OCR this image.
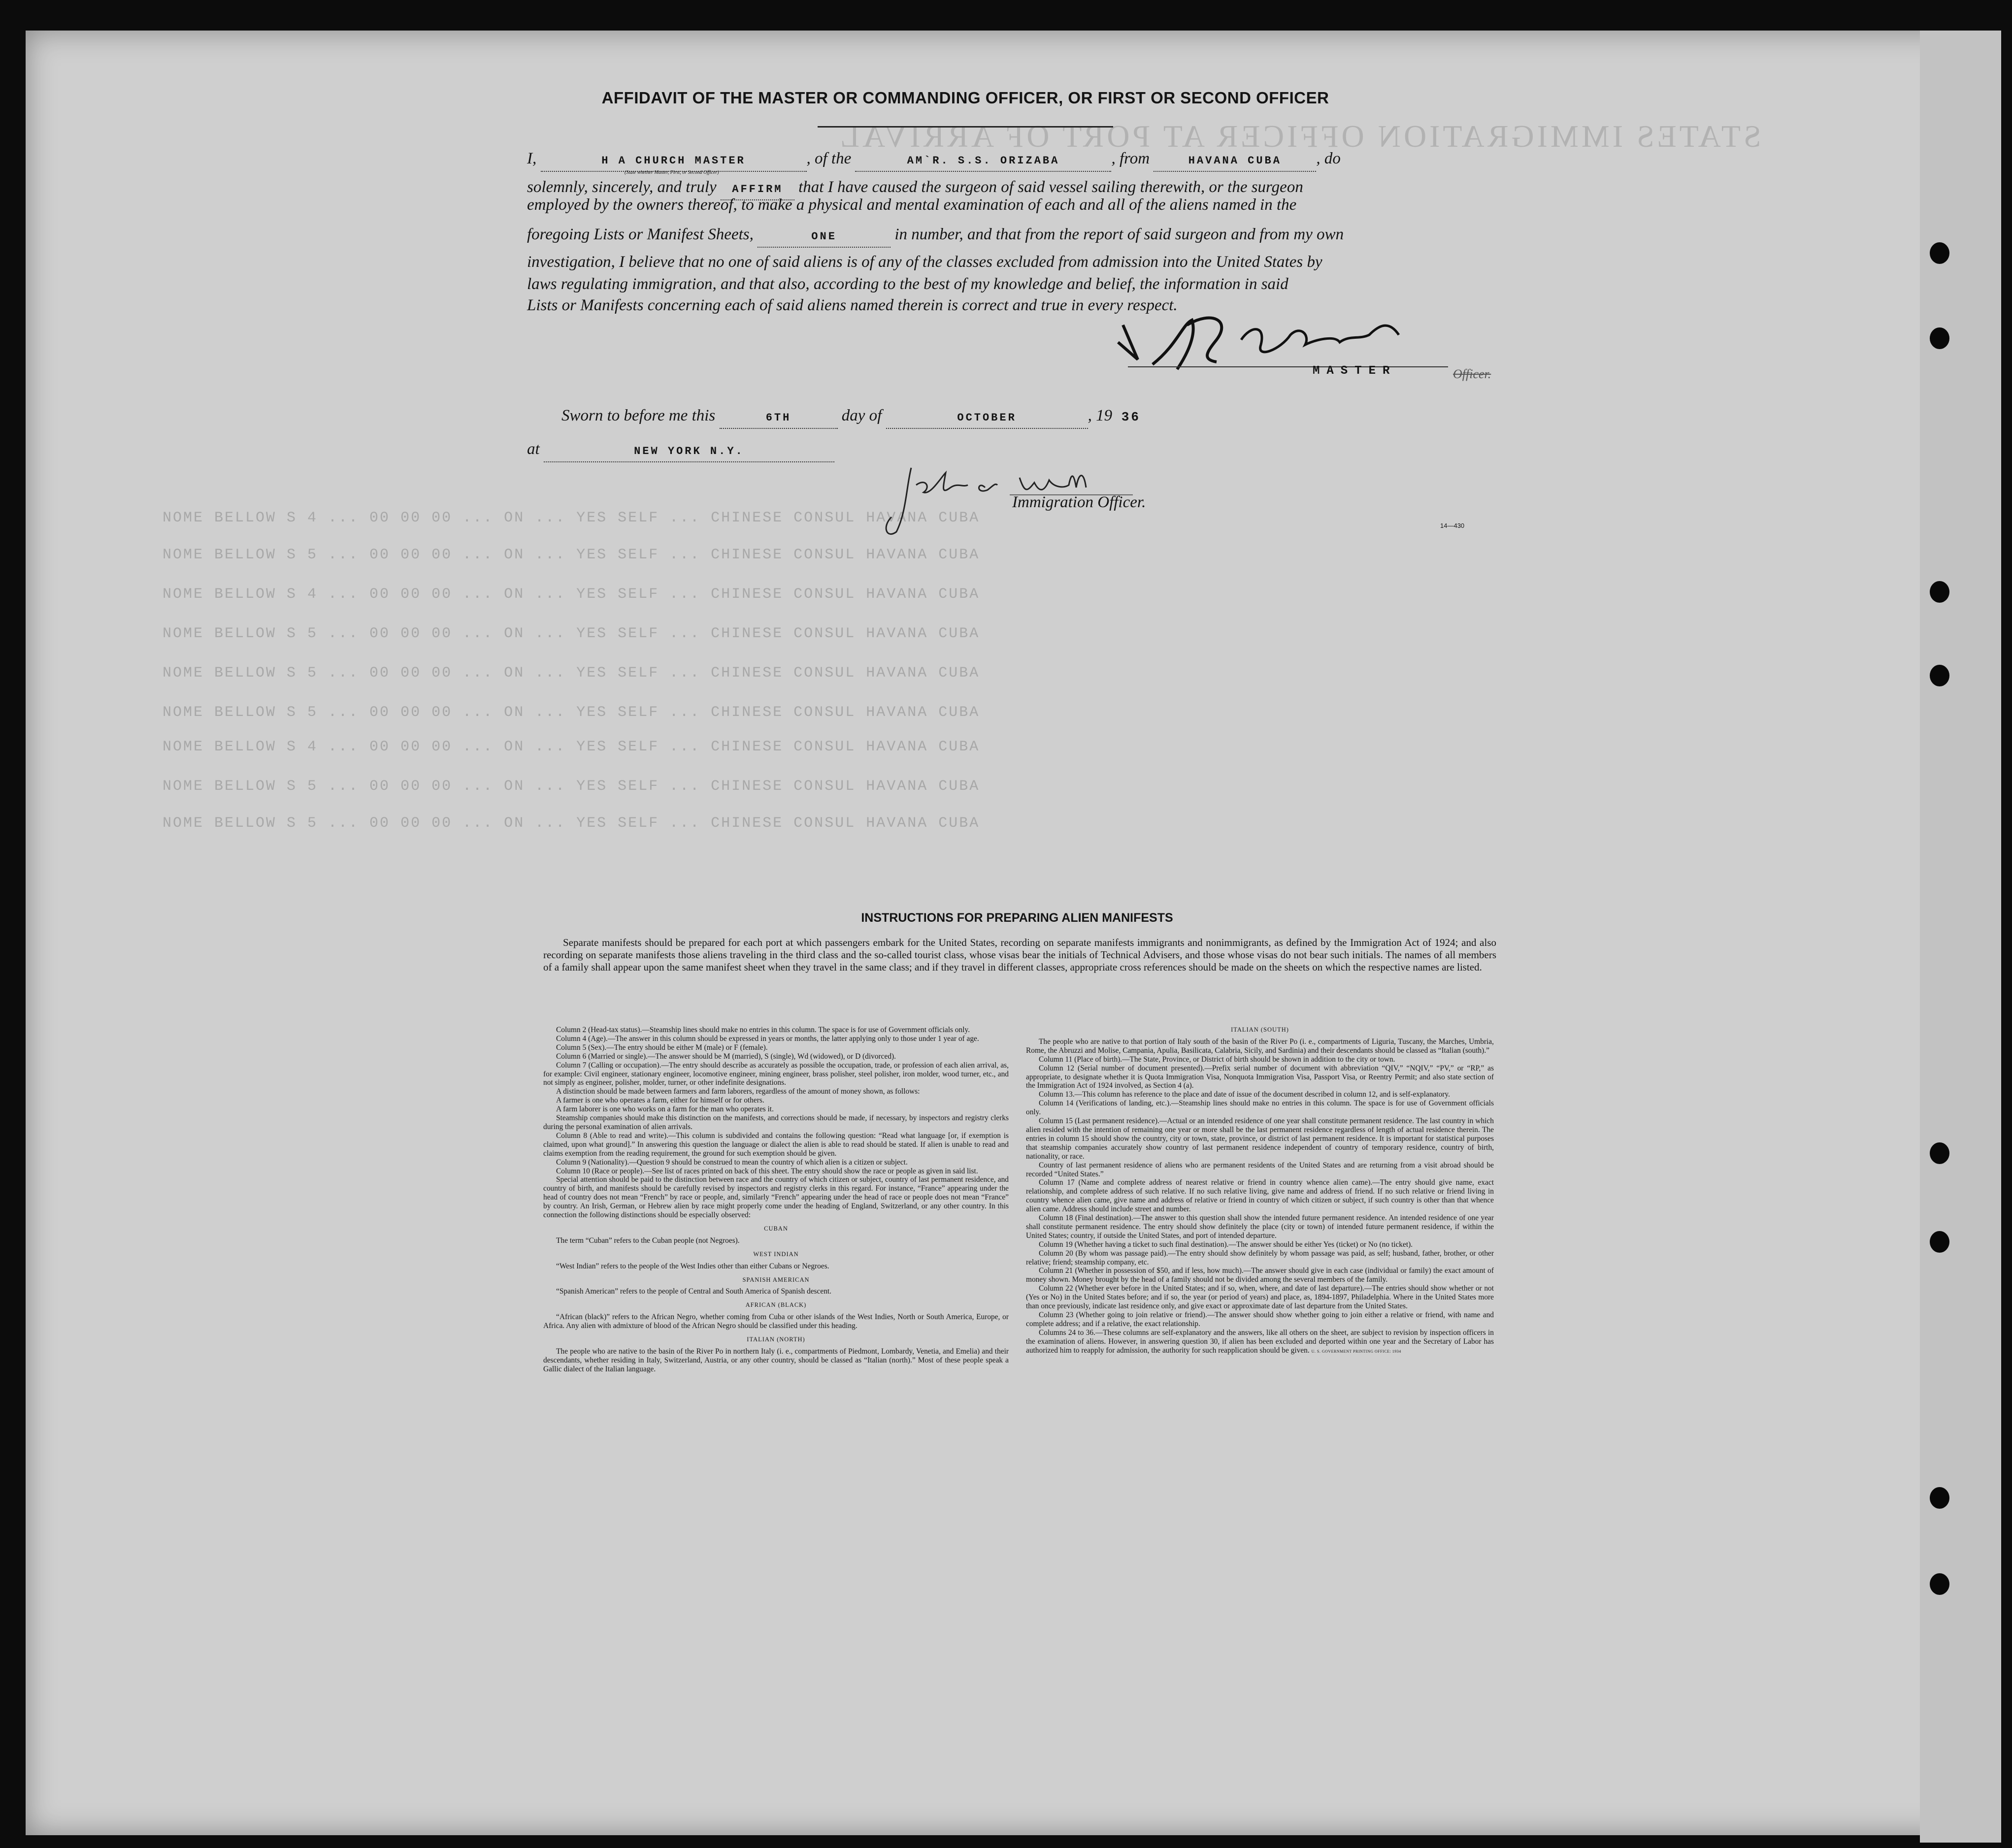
STATES IMMIGRATION OFFICER AT PORT OF ARRIVAL
NOME BELLOW S 4 ... 00 00 00 ... ON ... YES SELF ... CHINESE CONSUL HAVANA CUBA
NOME BELLOW S 5 ... 00 00 00 ... ON ... YES SELF ... CHINESE CONSUL HAVANA CUBA
NOME BELLOW S 4 ... 00 00 00 ... ON ... YES SELF ... CHINESE CONSUL HAVANA CUBA
NOME BELLOW S 5 ... 00 00 00 ... ON ... YES SELF ... CHINESE CONSUL HAVANA CUBA
NOME BELLOW S 5 ... 00 00 00 ... ON ... YES SELF ... CHINESE CONSUL HAVANA CUBA
NOME BELLOW S 5 ... 00 00 00 ... ON ... YES SELF ... CHINESE CONSUL HAVANA CUBA
NOME BELLOW S 4 ... 00 00 00 ... ON ... YES SELF ... CHINESE CONSUL HAVANA CUBA
NOME BELLOW S 5 ... 00 00 00 ... ON ... YES SELF ... CHINESE CONSUL HAVANA CUBA
NOME BELLOW S 5 ... 00 00 00 ... ON ... YES SELF ... CHINESE CONSUL HAVANA CUBA
AFFIDAVIT OF THE MASTER OR COMMANDING OFFICER, OR FIRST OR SECOND OFFICER
I,	H A CHURCH MASTER	, of the	AM`R. S.S. ORIZABA	, from	HAVANA CUBA , do
(State whether Master, First, or Second Officer)
solemnly, sincerely, and truly AFFIRM that I have caused the surgeon of said vessel sailing therewith, or the surgeon
employed by the owners thereof, to make a physical and mental examination of each and all of the aliens named in the
foregoing Lists or Manifest Sheets,	ONE	in number, and that from the report of said surgeon and from my own
investigation, I believe that no one of said aliens is of any of the classes excluded from admission into the United States by
laws regulating immigration, and that also, according to the best of my knowledge and belief, the information in said
Lists or Manifests concerning each of said aliens named therein is correct and true in every respect.
MASTER	Officer.
Sworn to before me this	6TH	day of	OCTOBER	, 19 36
at	NEW YORK N.Y.
Immigration Officer.
14—430
INSTRUCTIONS FOR PREPARING ALIEN MANIFESTS
Separate manifests should be prepared for each port at which passengers embark for the United States, recording on separate manifests immigrants and nonimmigrants, as defined by the Immigration Act of 1924; and also recording on separate manifests those aliens traveling in the third class and the so-called tourist class, whose visas bear the initials of Technical Advisers, and those whose visas do not bear such initials. The names of all members of a family shall appear upon the same manifest sheet when they travel in the same class; and if they travel in different classes, appropriate cross references should be made on the sheets on which the respective names are listed.

Column 2 (Head-tax status).—Steamship lines should make no entries in this column. The space is for use of Government officials only.

Column 4 (Age).—The answer in this column should be expressed in years or months, the latter applying only to those under 1 year of age.

Column 5 (Sex).—The entry should be either M (male) or F (female).

Column 6 (Married or single).—The answer should be M (married), S (single), Wd (widowed), or D (divorced).

Column 7 (Calling or occupation).—The entry should describe as accurately as possible the occupation, trade, or profession of each alien arrival, as, for example: Civil engineer, stationary engineer, locomotive engineer, mining engineer, brass polisher, steel polisher, iron molder, wood turner, etc., and not simply as engineer, polisher, molder, turner, or other indefinite designations.

A distinction should be made between farmers and farm laborers, regardless of the amount of money shown, as follows:

A farmer is one who operates a farm, either for himself or for others.

A farm laborer is one who works on a farm for the man who operates it.

Steamship companies should make this distinction on the manifests, and corrections should be made, if necessary, by inspectors and registry clerks during the personal examination of alien arrivals.

Column 8 (Able to read and write).—This column is subdivided and contains the following question: “Read what language [or, if exemption is claimed, upon what ground].” In answering this question the language or dialect the alien is able to read should be stated. If alien is unable to read and claims exemption from the reading requirement, the ground for such exemption should be given.

Column 9 (Nationality).—Question 9 should be construed to mean the country of which alien is a citizen or subject.

Column 10 (Race or people).—See list of races printed on back of this sheet. The entry should show the race or people as given in said list.

Special attention should be paid to the distinction between race and the country of which citizen or subject, country of last permanent residence, and country of birth, and manifests should be carefully revised by inspectors and registry clerks in this regard. For instance, “France” appearing under the head of country does not mean “French” by race or people, and, similarly “French” appearing under the head of race or people does not mean “France” by country. An Irish, German, or Hebrew alien by race might properly come under the heading of England, Switzerland, or any other country. In this connection the following distinctions should be especially observed:

CUBAN

The term “Cuban” refers to the Cuban people (not Negroes).

WEST INDIAN

“West Indian” refers to the people of the West Indies other than either Cubans or Negroes.

SPANISH AMERICAN

“Spanish American” refers to the people of Central and South America of Spanish descent.

AFRICAN (BLACK)

“African (black)” refers to the African Negro, whether coming from Cuba or other islands of the West Indies, North or South America, Europe, or Africa. Any alien with admixture of blood of the African Negro should be classified under this heading.

ITALIAN (NORTH)

The people who are native to the basin of the River Po in northern Italy (i. e., compartments of Piedmont, Lombardy, Venetia, and Emelia) and their descendants, whether residing in Italy, Switzerland, Austria, or any other country, should be classed as “Italian (north).” Most of these people speak a Gallic dialect of the Italian language.

ITALIAN (SOUTH)

The people who are native to that portion of Italy south of the basin of the River Po (i. e., compartments of Liguria, Tuscany, the Marches, Umbria, Rome, the Abruzzi and Molise, Campania, Apulia, Basilicata, Calabria, Sicily, and Sardinia) and their descendants should be classed as “Italian (south).”

Column 11 (Place of birth).—The State, Province, or District of birth should be shown in addition to the city or town.

Column 12 (Serial number of document presented).—Prefix serial number of document with abbreviation “QIV,” “NQIV,” “PV,” or “RP,” as appropriate, to designate whether it is Quota Immigration Visa, Nonquota Immigration Visa, Passport Visa, or Reentry Permit; and also state section of the Immigration Act of 1924 involved, as Section 4 (a).

Column 13.—This column has reference to the place and date of issue of the document described in column 12, and is self-explanatory.

Column 14 (Verifications of landing, etc.).—Steamship lines should make no entries in this column. The space is for use of Government officials only.

Column 15 (Last permanent residence).—Actual or an intended residence of one year shall constitute permanent residence. The last country in which alien resided with the intention of remaining one year or more shall be the last permanent residence regardless of length of actual residence therein. The entries in column 15 should show the country, city or town, state, province, or district of last permanent residence. It is important for statistical purposes that steamship companies accurately show country of last permanent residence independent of country of temporary residence, country of birth, nationality, or race.

Country of last permanent residence of aliens who are permanent residents of the United States and are returning from a visit abroad should be recorded “United States.”

Column 17 (Name and complete address of nearest relative or friend in country whence alien came).—The entry should give name, exact relationship, and complete address of such relative. If no such relative living, give name and address of friend. If no such relative or friend living in country whence alien came, give name and address of relative or friend in country of which citizen or subject, if such country is other than that whence alien came. Address should include street and number.

Column 18 (Final destination).—The answer to this question shall show the intended future permanent residence. An intended residence of one year shall constitute permanent residence. The entry should show definitely the place (city or town) of intended future permanent residence, if within the United States; country, if outside the United States, and port of intended departure.

Column 19 (Whether having a ticket to such final destination).—The answer should be either Yes (ticket) or No (no ticket).

Column 20 (By whom was passage paid).—The entry should show definitely by whom passage was paid, as self; husband, father, brother, or other relative; friend; steamship company, etc.

Column 21 (Whether in possession of $50, and if less, how much).—The answer should give in each case (individual or family) the exact amount of money shown. Money brought by the head of a family should not be divided among the several members of the family.

Column 22 (Whether ever before in the United States; and if so, when, where, and date of last departure).—The entries should show whether or not (Yes or No) in the United States before; and if so, the year (or period of years) and place, as, 1894-1897, Philadelphia. Where in the United States more than once previously, indicate last residence only, and give exact or approximate date of last departure from the United States.

Column 23 (Whether going to join relative or friend).—The answer should show whether going to join either a relative or friend, with name and complete address; and if a relative, the exact relationship.

Columns 24 to 36.—These columns are self-explanatory and the answers, like all others on the sheet, are subject to revision by inspection officers in the examination of aliens. However, in answering question 30, if alien has been excluded and deported within one year and the Secretary of Labor has authorized him to reapply for admission, the authority for such reapplication should be given. U. S. GOVERNMENT PRINTING OFFICE: 1934
